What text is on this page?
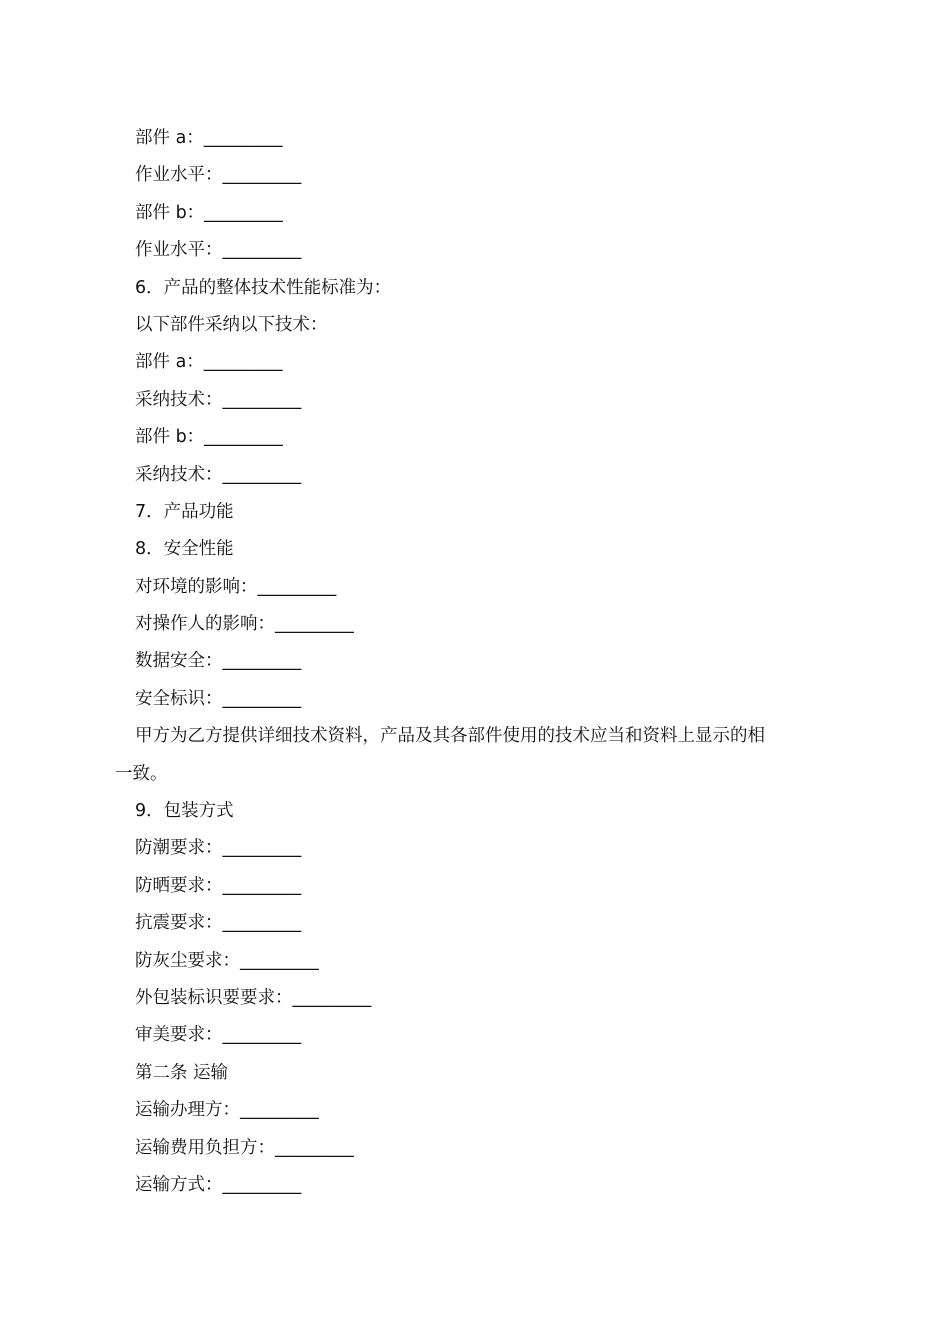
部件 a：_________
作业水平：_________
部件 b：_________
作业水平：_________
6．产品的整体技术性能标准为：
以下部件采纳以下技术：
部件 a：_________
采纳技术：_________
部件 b：_________
采纳技术：_________
7．产品功能
8．安全性能
对环境的影响：_________
对操作人的影响：_________
数据安全：_________
安全标识：_________
甲方为乙方提供详细技术资料，产品及其各部件使用的技术应当和资料上显示的相
一致。
9．包装方式
防潮要求：_________
防晒要求：_________
抗震要求：_________
防灰尘要求：_________
外包装标识要要求：_________
审美要求：_________
第二条 运输
运输办理方：_________
运输费用负担方：_________
运输方式：_________
